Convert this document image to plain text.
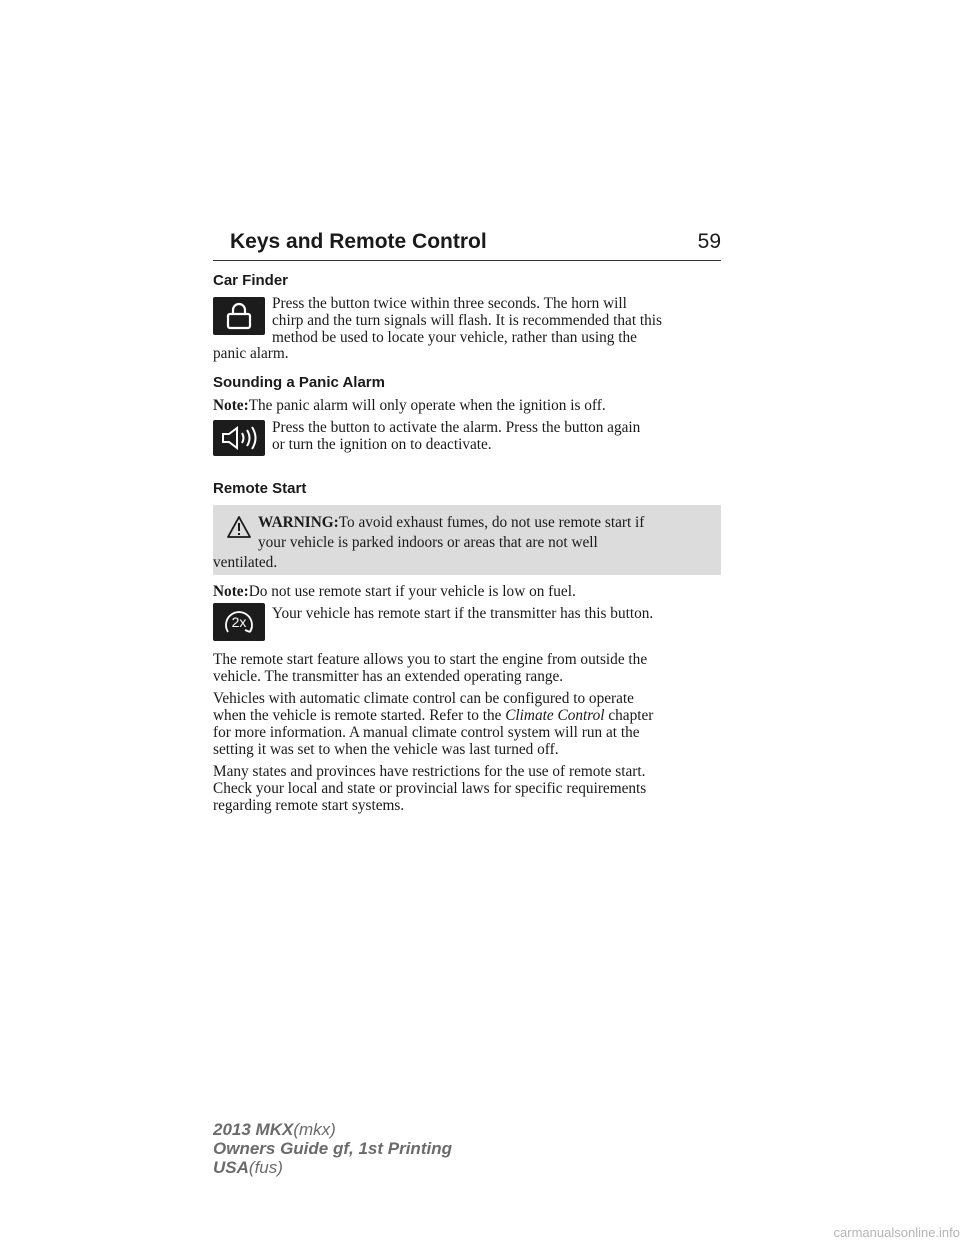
Keys and Remote Control	59
Car Finder

Press the button twice within three seconds. The horn will

chirp and the turn signals will flash. It is recommended that this

method be used to locate your vehicle, rather than using the

panic alarm.

Sounding a Panic Alarm

Note:The panic alarm will only operate when the ignition is off.

Press the button to activate the alarm. Press the button again

or turn the ignition on to deactivate.

Remote Start
WARNING:To avoid exhaust fumes, do not use remote start if
your vehicle is parked indoors or areas that are not well
ventilated.

Note:Do not use remote start if your vehicle is low on fuel.

2x Your vehicle has remote start if the transmitter has this button.

The remote start feature allows you to start the engine from outside the

vehicle. The transmitter has an extended operating range.

Vehicles with automatic climate control can be configured to operate

when the vehicle is remote started. Refer to the Climate Control chapter

for more information. A manual climate control system will run at the

setting it was set to when the vehicle was last turned off.

Many states and provinces have restrictions for the use of remote start.

Check your local and state or provincial laws for specific requirements

regarding remote start systems.

2013 MKX(mkx)
Owners Guide gf, 1st Printing
USA(fus)
carmanualsonline.info
